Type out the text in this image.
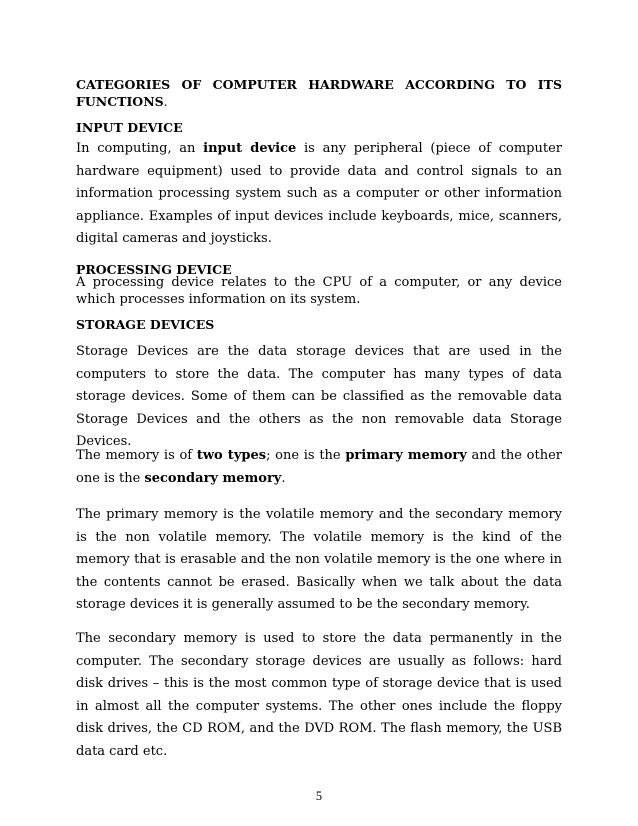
CATEGORIES OF COMPUTER HARDWARE ACCORDING TO ITS FUNCTIONS.
INPUT DEVICE
In computing, an input device is any peripheral (piece of computer hardware equipment) used to provide data and control signals to an information processing system such as a computer or other information appliance. Examples of input devices include keyboards, mice, scanners, digital cameras and joysticks.
PROCESSING DEVICE
A processing device relates to the CPU of a computer, or any device which processes information on its system.
STORAGE DEVICES
Storage Devices are the data storage devices that are used in the computers to store the data. The computer has many types of data storage devices. Some of them can be classified as the removable data Storage Devices and the others as the non removable data Storage Devices.
The memory is of two types; one is the primary memory and the other one is the secondary memory.
The primary memory is the volatile memory and the secondary memory is the non volatile memory. The volatile memory is the kind of the memory that is erasable and the non volatile memory is the one where in the contents cannot be erased. Basically when we talk about the data storage devices it is generally assumed to be the secondary memory.
The secondary memory is used to store the data permanently in the computer. The secondary storage devices are usually as follows: hard disk drives – this is the most common type of storage device that is used in almost all the computer systems. The other ones include the floppy disk drives, the CD ROM, and the DVD ROM. The flash memory, the USB data card etc.
5
